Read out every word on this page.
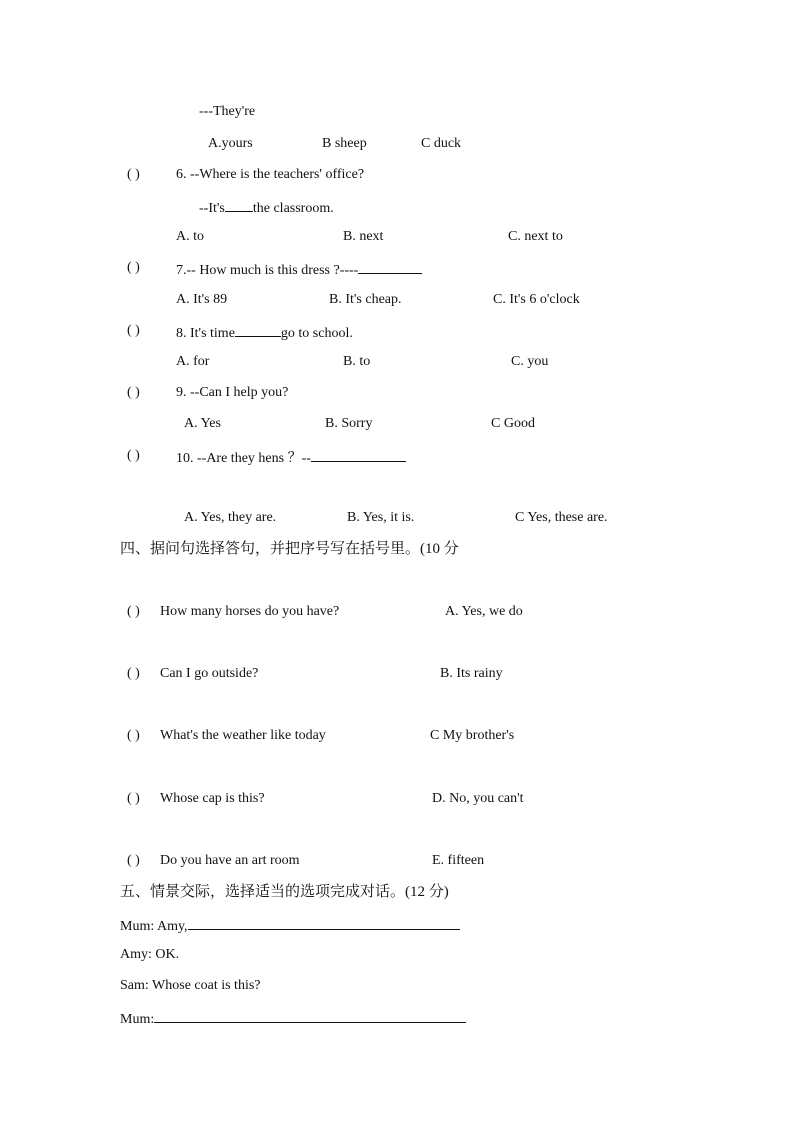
---They're
A.yours	B sheep	C duck
( )	6. --Where is the teachers' office?
--It's the classroom.
A. to	B. next	C. next to
( )	7.-- How much is this dress ?----
A. It's 89	B. It's cheap.	C. It's 6 o'clock
( )	8. It's time	go to school.
A. for	B. to	C. you
( )	9. --Can I help you?
A. Yes	B. Sorry	C Good
( )	10. --Are they hens ？--
A. Yes, they are.	B. Yes, it is.	C Yes, these are.
四、据问句选择答句，并把序号写在括号里。(10 分
( ) How many horses do you have?	A. Yes, we do
( ) Can I go outside?	B. Its rainy
( ) What's the weather like today	C My brother's
( ) Whose cap is this?	D. No, you can't
( ) Do you have an art room	E. fifteen
五、情景交际，选择适当的选项完成对话。(12 分)
Mum: Amy,
Amy: OK.
Sam: Whose coat is this?
Mum:
